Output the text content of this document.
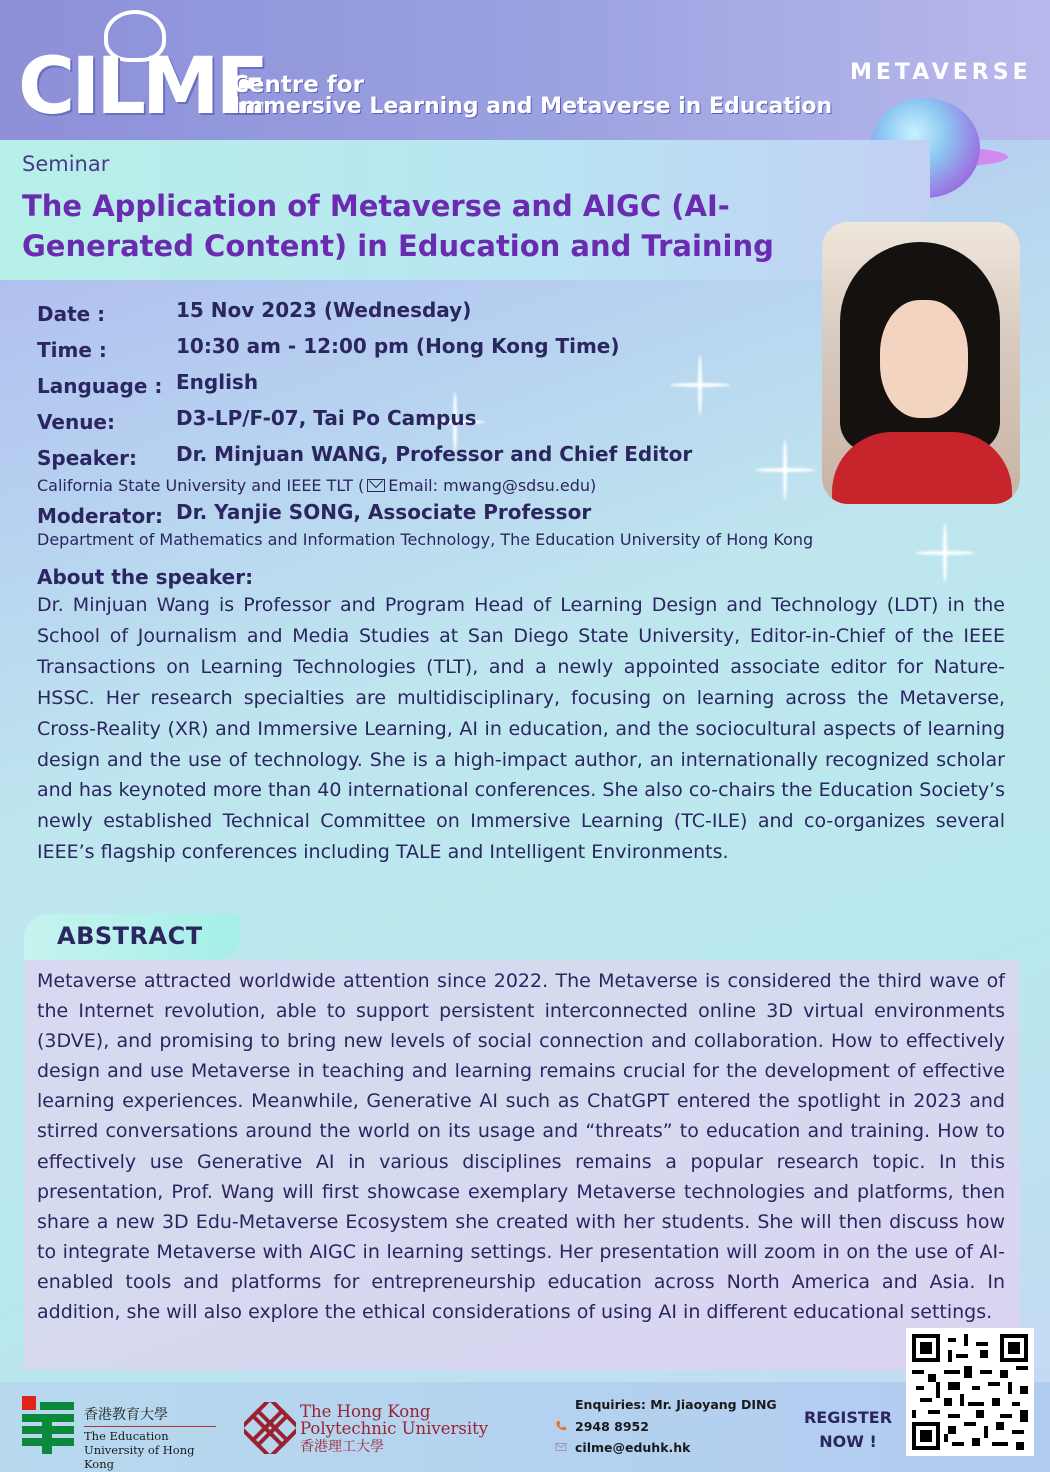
CILME
Centre for
Immersive Learning and Metaverse in Education
METAVERSE
Seminar
The Application of Metaverse and AIGC (AI-Generated Content) in Education and Training
Date :	15 Nov 2023 (Wednesday)
Time :	10:30 am - 12:00 pm (Hong Kong Time)
Language : English
Venue:	D3-LP/F-07, Tai Po Campus
Speaker: Dr. Minjuan WANG, Professor and Chief Editor
California State University and IEEE TLT ( Email: mwang@sdsu.edu)
Moderator: Dr. Yanjie SONG, Associate Professor
Department of Mathematics and Information Technology, The Education University of Hong Kong
About the speaker:
Dr. Minjuan Wang is Professor and Program Head of Learning Design and Technology (LDT) in the School of Journalism and Media Studies at San Diego State University, Editor-in-Chief of the IEEE Transactions on Learning Technologies (TLT), and a newly appointed associate editor for Nature-HSSC. Her research specialties are multidisciplinary, focusing on learning across the Metaverse, Cross-Reality (XR) and Immersive Learning, AI in education, and the sociocultural aspects of learning design and the use of technology. She is a high-impact author, an internationally recognized scholar and has keynoted more than 40 international conferences. She also co-chairs the Education Society’s newly established Technical Committee on Immersive Learning (TC-ILE) and co-organizes several IEEE’s flagship conferences including TALE and Intelligent Environments.
ABSTRACT
Metaverse attracted worldwide attention since 2022. The Metaverse is considered the third wave of the Internet revolution, able to support persistent interconnected online 3D virtual environments (3DVE), and promising to bring new levels of social connection and collaboration. How to effectively design and use Metaverse in teaching and learning remains crucial for the development of effective learning experiences. Meanwhile, Generative AI such as ChatGPT entered the spotlight in 2023 and stirred conversations around the world on its usage and “threats” to education and training. How to effectively use Generative AI in various disciplines remains a popular research topic. In this presentation, Prof. Wang will first showcase exemplary Metaverse technologies and platforms, then share a new 3D Edu-Metaverse Ecosystem she created with her students. She will then discuss how to integrate Metaverse with AIGC in learning settings. Her presentation will zoom in on the use of AI-enabled tools and platforms for entrepreneurship education across North America and Asia. In addition, she will also explore the ethical considerations of using AI in different educational settings.
香港教育大學
The Education University of Hong Kong
The Hong Kong
Polytechnic University
香港理工大學
Enquiries: Mr. Jiaoyang DING
2948 8952
cilme@eduhk.hk
REGISTER
NOW !
